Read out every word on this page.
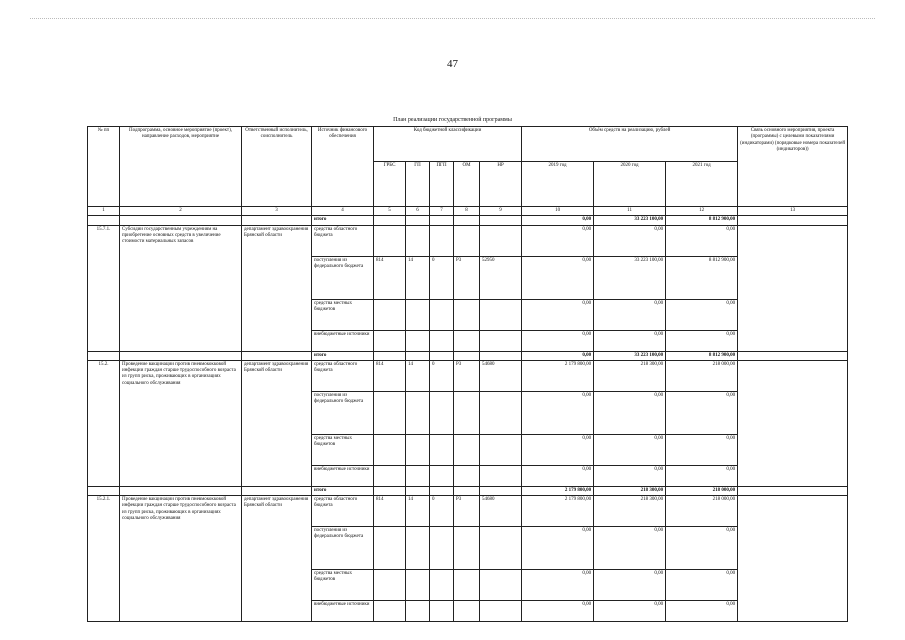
47
План реализации государственной программы
№ пп	Подпрограмма, основное мероприятие (проект), направление расходов, мероприятие	Ответственный исполнитель, соисполнитель	Источник финансового обеспечения	Код бюджетной классификации					Объём средств на реализацию, рублей			Связь основного мероприятия, проекта (программы) с целевыми показателями (индикаторами) (порядковые номера показателей (индикаторов))
				ГРБС	ГП	ПГП	ОМ	НР	2019 год	2020 год	2021 год	
1	2	3	4	5	6	7	8	9	10	11	12	13
			итого						0,00	33 223 100,00	8 812 900,00	
15.7.1.	Субсидии государственным учреждениям на приобретение основных средств в увеличение стоимости материальных запасов	департамент здравоохранения Брянской области	средства областного бюджета						0,00	0,00	0,00	
			поступления из федерального бюджета	814	14	0	Р3	52950	0,00	33 223 100,00	8 812 900,00	
			средства местных бюджетов						0,00	0,00	0,00	
			внебюджетные источники						0,00	0,00	0,00	
			итого						0,00	33 223 100,00	8 812 900,00	
15.2.	Проведение вакцинации против пневмококковой инфекции граждан старше трудоспособного возраста из групп риска, проживающих в организациях социального обслуживания	департамент здравоохранения Брянской области	средства областного бюджета	814	14	0	Р3	54680	2 179 800,00	218 300,00	218 000,00	
			поступления из федерального бюджета						0,00	0,00	0,00	
			средства местных бюджетов						0,00	0,00	0,00	
			внебюджетные источники						0,00	0,00	0,00	
			итого						2 179 800,00	218 300,00	218 000,00	
15.2.1.	Проведение вакцинации против пневмококковой инфекции граждан старше трудоспособного возраста из групп риска, проживающих в организациях социального обслуживания	департамент здравоохранения Брянской области	средства областного бюджета	814	14	0	Р3	54680	2 179 800,00	218 300,00	218 000,00	
			поступления из федерального бюджета						0,00	0,00	0,00	
			средства местных бюджетов						0,00	0,00	0,00	
			внебюджетные источники						0,00	0,00	0,00	
